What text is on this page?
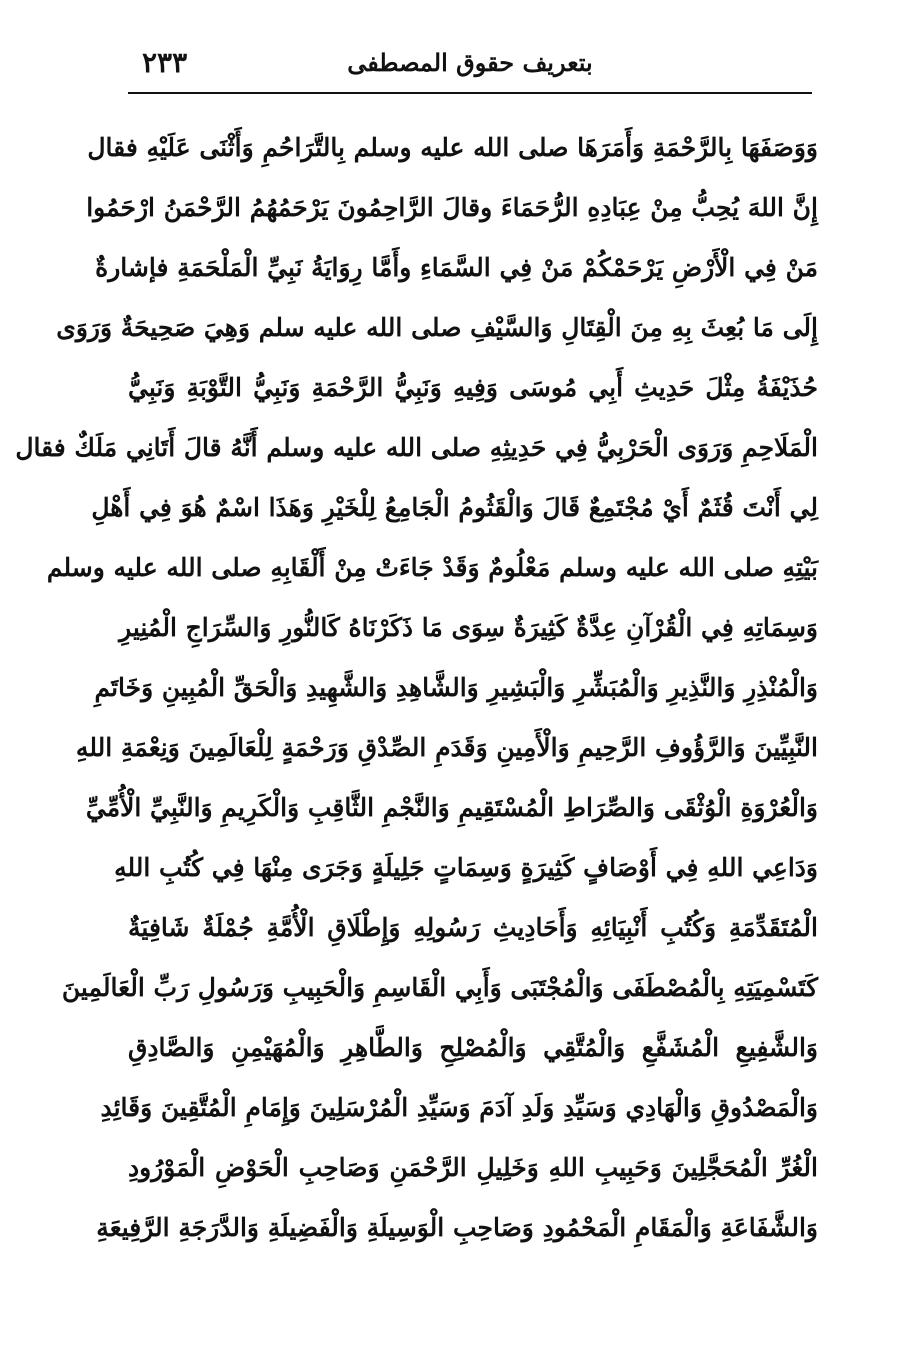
بتعريف حقوق المصطفى
٢٣٣
وَوَصَفَهَا بِالرَّحْمَةِ وَأَمَرَهَا صلى الله عليه وسلم بِالتَّرَاحُمِ وَأَثْنَى عَلَيْهِ فقال
إِنَّ اللهَ يُحِبُّ مِنْ عِبَادِهِ الرُّحَمَاءَ وقالَ الرَّاحِمُونَ يَرْحَمُهُمُ الرَّحْمَنُ ارْحَمُوا
مَنْ فِي الْأَرْضِ يَرْحَمْكُمْ مَنْ فِي السَّمَاءِ وأَمَّا رِوَايَةُ نَبِيِّ الْمَلْحَمَةِ فإشارةٌ
إِلَى مَا بُعِثَ بِهِ مِنَ الْقِتَالِ وَالسَّيْفِ صلى الله عليه سلم وَهِيَ صَحِيحَةٌ وَرَوَى
حُذَيْفَةُ مِثْلَ حَدِيثِ أَبِي مُوسَى وَفِيهِ وَنَبِيُّ الرَّحْمَةِ وَنَبِيُّ التَّوْبَةِ وَنَبِيُّ
الْمَلَاحِمِ وَرَوَى الْحَرْبِيُّ فِي حَدِيثِهِ صلى الله عليه وسلم أَنَّهُ قالَ أَتَانِي مَلَكٌ فقال
لِي أَنْتَ قُثَمٌ أَيْ مُجْتَمِعٌ قَالَ وَالْقَثُومُ الْجَامِعُ لِلْخَيْرِ وَهَذَا اسْمٌ هُوَ فِي أَهْلِ
بَيْتِهِ صلى الله عليه وسلم مَعْلُومٌ وَقَدْ جَاءَتْ مِنْ أَلْقَابِهِ صلى الله عليه وسلم
وَسِمَاتِهِ فِي الْقُرْآنِ عِدَّةٌ كَثِيرَةٌ سِوَى مَا ذَكَرْنَاهُ كَالنُّورِ وَالسِّرَاجِ الْمُنِيرِ
وَالْمُنْذِرِ وَالنَّذِيرِ وَالْمُبَشِّرِ وَالْبَشِيرِ وَالشَّاهِدِ وَالشَّهِيدِ وَالْحَقِّ الْمُبِينِ وَخَاتَمِ
النَّبِيِّينَ وَالرَّؤُوفِ الرَّحِيمِ وَالْأَمِينِ وَقَدَمِ الصِّدْقِ وَرَحْمَةٍ لِلْعَالَمِينَ وَنِعْمَةِ اللهِ
وَالْعُرْوَةِ الْوُثْقَى وَالصِّرَاطِ الْمُسْتَقِيمِ وَالنَّجْمِ الثَّاقِبِ وَالْكَرِيمِ وَالنَّبِيِّ الْأُمِّيِّ
وَدَاعِي اللهِ فِي أَوْصَافٍ كَثِيرَةٍ وَسِمَاتٍ جَلِيلَةٍ وَجَرَى مِنْهَا فِي كُتُبِ اللهِ
الْمُتَقَدِّمَةِ وَكُتُبِ أَنْبِيَائِهِ وَأَحَادِيثِ رَسُولِهِ وَإِطْلَاقِ الْأُمَّةِ جُمْلَةٌ شَافِيَةٌ
كَتَسْمِيَتِهِ بِالْمُصْطَفَى وَالْمُجْتَبَى وَأَبِي الْقَاسِمِ وَالْحَبِيبِ وَرَسُولِ رَبِّ الْعَالَمِينَ
وَالشَّفِيعِ الْمُشَفَّعِ وَالْمُتَّقِي وَالْمُصْلِحِ وَالطَّاهِرِ وَالْمُهَيْمِنِ وَالصَّادِقِ
وَالْمَصْدُوقِ وَالْهَادِي وَسَيِّدِ وَلَدِ آدَمَ وَسَيِّدِ الْمُرْسَلِينَ وَإِمَامِ الْمُتَّقِينَ وَقَائِدِ
الْغُرِّ الْمُحَجَّلِينَ وَحَبِيبِ اللهِ وَخَلِيلِ الرَّحْمَنِ وَصَاحِبِ الْحَوْضِ الْمَوْرُودِ
وَالشَّفَاعَةِ وَالْمَقَامِ الْمَحْمُودِ وَصَاحِبِ الْوَسِيلَةِ وَالْفَضِيلَةِ وَالدَّرَجَةِ الرَّفِيعَةِ
